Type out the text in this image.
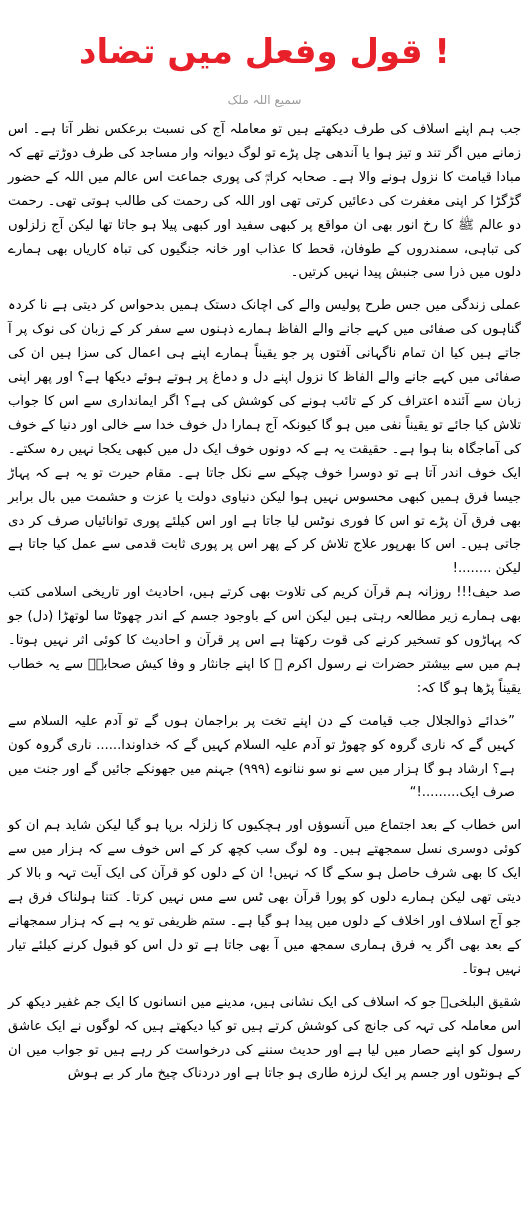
قول وفعل میں تضاد !
سمیع اللہ ملک

جب ہم اپنے اسلاف کی طرف دیکھتے ہیں تو معاملہ آج کی نسبت برعکس نظر آتا ہے۔ اس زمانے میں اگر تند و تیز ہوا یا آندھی چل پڑے تو لوگ دیوانہ وار مساجد کی طرف دوڑتے تھے کہ مبادا قیامت کا نزول ہونے والا ہے۔ صحابہ کرامؓ کی پوری جماعت اس عالم میں اللہ کے حضور گڑگڑا کر اپنی مغفرت کی دعائیں کرتی تھی اور اللہ کی رحمت کی طالب ہوتی تھی۔ رحمت دو عالم ﷺ کا رخ انور بھی ان مواقع پر کبھی سفید اور کبھی پیلا ہو جاتا تھا لیکن آج زلزلوں کی تباہی، سمندروں کے طوفان، قحط کا عذاب اور خانہ جنگیوں کی تباہ کاریاں بھی ہمارے دلوں میں ذرا سی جنبش پیدا نہیں کرتیں۔

عملی زندگی میں جس طرح پولیس والے کی اچانک دستک ہمیں بدحواس کر دیتی ہے نا کردہ گناہوں کی صفائی میں کہے جانے والے الفاظ ہمارے ذہنوں سے سفر کر کے زبان کی نوک پر آ جاتے ہیں کیا ان تمام ناگہانی آفتوں پر جو یقیناً ہمارے اپنے ہی اعمال کی سزا ہیں ان کی صفائی میں کہے جانے والے الفاظ کا نزول اپنے دل و دماغ پر ہوتے ہوئے دیکھا ہے؟ اور پھر اپنی زبان سے آئندہ اعتراف کر کے تائب ہونے کی کوشش کی ہے؟ اگر ایمانداری سے اس کا جواب تلاش کیا جائے تو یقیناً نفی میں ہو گا کیونکہ آج ہمارا دل خوف خدا سے خالی اور دنیا کے خوف کی آماجگاہ بنا ہوا ہے۔ حقیقت یہ ہے کہ دونوں خوف ایک دل میں کبھی یکجا نہیں رہ سکتے۔ ایک خوف اندر آتا ہے تو دوسرا خوف چپکے سے نکل جاتا ہے۔ مقام حیرت تو یہ ہے کہ پہاڑ جیسا فرق ہمیں کبھی محسوس نہیں ہوا لیکن دنیاوی دولت یا عزت و حشمت میں بال برابر بھی فرق آن پڑے تو اس کا فوری نوٹس لیا جاتا ہے اور اس کیلئے پوری توانائیاں صرف کر دی جاتی ہیں۔ اس کا بھرپور علاج تلاش کر کے پھر اس پر پوری ثابت قدمی سے عمل کیا جاتا ہے لیکن ........!

صد حیف!!! روزانہ ہم قرآن کریم کی تلاوت بھی کرتے ہیں، احادیث اور تاریخی اسلامی کتب بھی ہمارے زیر مطالعہ رہتی ہیں لیکن اس کے باوجود جسم کے اندر چھوٹا سا لوتھڑا (دل) جو کہ پہاڑوں کو تسخیر کرنے کی قوت رکھتا ہے اس پر قرآن و احادیث کا کوئی اثر نہیں ہوتا۔ ہم میں سے بیشتر حضرات نے رسول اکرم ﷺ کا اپنے جانثار و وفا کیش صحابہؓ سے یہ خطاب یقیناً پڑھا ہو گا کہ:

”خدائے ذوالجلال جب قیامت کے دن اپنے تخت پر براجمان ہوں گے تو آدم علیہ السلام سے کہیں گے کہ ناری گروہ کو چھوڑ تو آدم علیہ السلام کہیں گے کہ خداوندا...... ناری گروہ کون ہے؟ ارشاد ہو گا ہزار میں سے نو سو ننانوے (۹۹۹) جہنم میں جھونکے جائیں گے اور جنت میں صرف ایک.........!“

اس خطاب کے بعد اجتماع میں آنسوؤں اور ہچکیوں کا زلزلہ برپا ہو گیا لیکن شاید ہم ان کو کوئی دوسری نسل سمجھتے ہیں۔ وہ لوگ سب کچھ کر کے اس خوف سے کہ ہزار میں سے ایک کا بھی شرف حاصل ہو سکے گا کہ نہیں! ان کے دلوں کو قرآن کی ایک آیت تہہ و بالا کر دیتی تھی لیکن ہمارے دلوں کو پورا قرآن بھی ٹس سے مس نہیں کرتا۔ کتنا ہولناک فرق ہے جو آج اسلاف اور اخلاف کے دلوں میں پیدا ہو گیا ہے۔ ستم ظریفی تو یہ ہے کہ ہزار سمجھانے کے بعد بھی اگر یہ فرق ہماری سمجھ میں آ بھی جاتا ہے تو دل اس کو قبول کرنے کیلئے تیار نہیں ہوتا۔

شقیق البلخیؒ جو کہ اسلاف کی ایک نشانی ہیں، مدینے میں انسانوں کا ایک جم غفیر دیکھ کر اس معاملہ کی تہہ کی جانچ کی کوشش کرتے ہیں تو کیا دیکھتے ہیں کہ لوگوں نے ایک عاشق رسول کو اپنے حصار میں لیا ہے اور حدیث سننے کی درخواست کر رہے ہیں تو جواب میں ان کے ہونٹوں اور جسم پر ایک لرزہ طاری ہو جاتا ہے اور دردناک چیخ مار کر بے ہوش
